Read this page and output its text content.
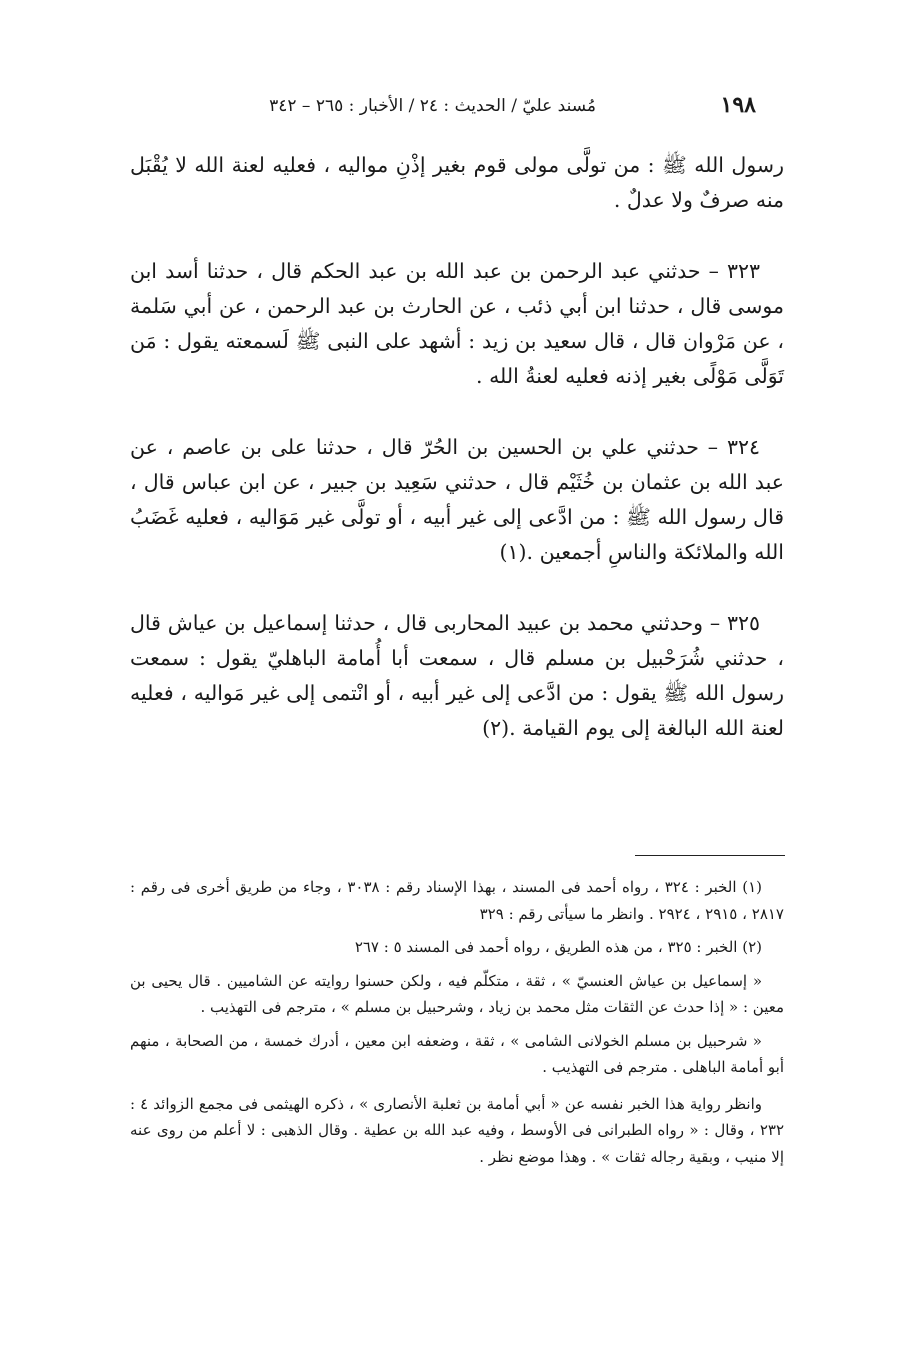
١٩٨
مُسند عليّ / الحديث : ٢٤ / الأخبار : ٢٦٥ – ٣٤٢

رسول الله ﷺ : من تولَّى مولى قوم بغير إذْنِ مواليه ، فعليه لعنة الله لا يُقْبَل منه صرفٌ ولا عدلٌ .

٣٢٣ – حدثني عبد الرحمن بن عبد الله بن عبد الحكم قال ، حدثنا أسد ابن موسى قال ، حدثنا ابن أبي ذئب ، عن الحارث بن عبد الرحمن ، عن أبي سَلمة ، عن مَرْوان قال ، قال سعيد بن زيد : أشهد على النبى ﷺ لَسمعته يقول : مَن تَوَلَّى مَوْلًى بغير إذنه فعليه لعنةُ الله .

٣٢٤ – حدثني علي بن الحسين بن الحُرّ قال ، حدثنا على بن عاصم ، عن عبد الله بن عثمان بن خُثَيْم قال ، حدثني سَعِيد بن جبير ، عن ابن عباس قال ، قال رسول الله ﷺ : من ادَّعى إلى غير أبيه ، أو تولَّى غير مَوَاليه ، فعليه غَضَبُ الله والملائكة والناسِ أجمعين .(١)

٣٢٥ – وحدثني محمد بن عبيد المحاربى قال ، حدثنا إسماعيل بن عياش قال ، حدثني شُرَحْبيل بن مسلم قال ، سمعت أبا أُمامة الباهليّ يقول : سمعت رسول الله ﷺ يقول : من ادَّعى إلى غير أبيه ، أو انْتمى إلى غير مَواليه ، فعليه لعنة الله البالغة إلى يوم القيامة .(٢)

(١) الخبر : ٣٢٤ ، رواه أحمد فى المسند ، بهذا الإسناد رقم : ٣٠٣٨ ، وجاء من طريق أخرى فى رقم : ٢٨١٧ ، ٢٩١٥ ، ٢٩٢٤ . وانظر ما سيأتى رقم : ٣٢٩

(٢) الخبر : ٣٢٥ ، من هذه الطريق ، رواه أحمد فى المسند ٥ : ٢٦٧

« إسماعيل بن عياش العنسيّ » ، ثقة ، متكلّم فيه ، ولكن حسنوا روايته عن الشاميين . قال يحيى بن معين : « إذا حدث عن الثقات مثل محمد بن زياد ، وشرحبيل بن مسلم » ، مترجم فى التهذيب .

« شرحبيل بن مسلم الخولانى الشامى » ، ثقة ، وضعفه ابن معين ، أدرك خمسة ، من الصحابة ، منهم أبو أمامة الباهلى . مترجم فى التهذيب .

وانظر رواية هذا الخبر نفسه عن « أبي أمامة بن ثعلبة الأنصارى » ، ذكره الهيثمى فى مجمع الزوائد ٤ : ٢٣٢ ، وقال : « رواه الطبرانى فى الأوسط ، وفيه عبد الله بن عطية . وقال الذهبى : لا أعلم من روى عنه إلا منيب ، وبقية رجاله ثقات » . وهذا موضع نظر .
